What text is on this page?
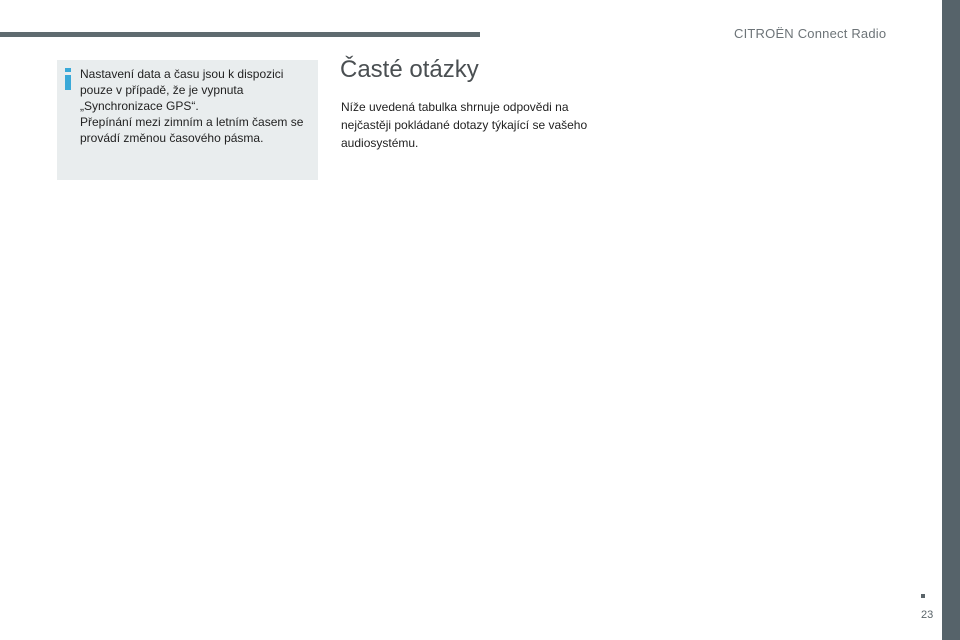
CITROËN Connect Radio

Nastavení data a času jsou k dispozici pouze v případě, že je vypnuta „Synchronizace GPS“.

Přepínání mezi zimním a letním časem se provádí změnou časového pásma.

Časté otázky

Níže uvedená tabulka shrnuje odpovědi na nejčastěji pokládané dotazy týkající se vašeho audiosystému.

23
